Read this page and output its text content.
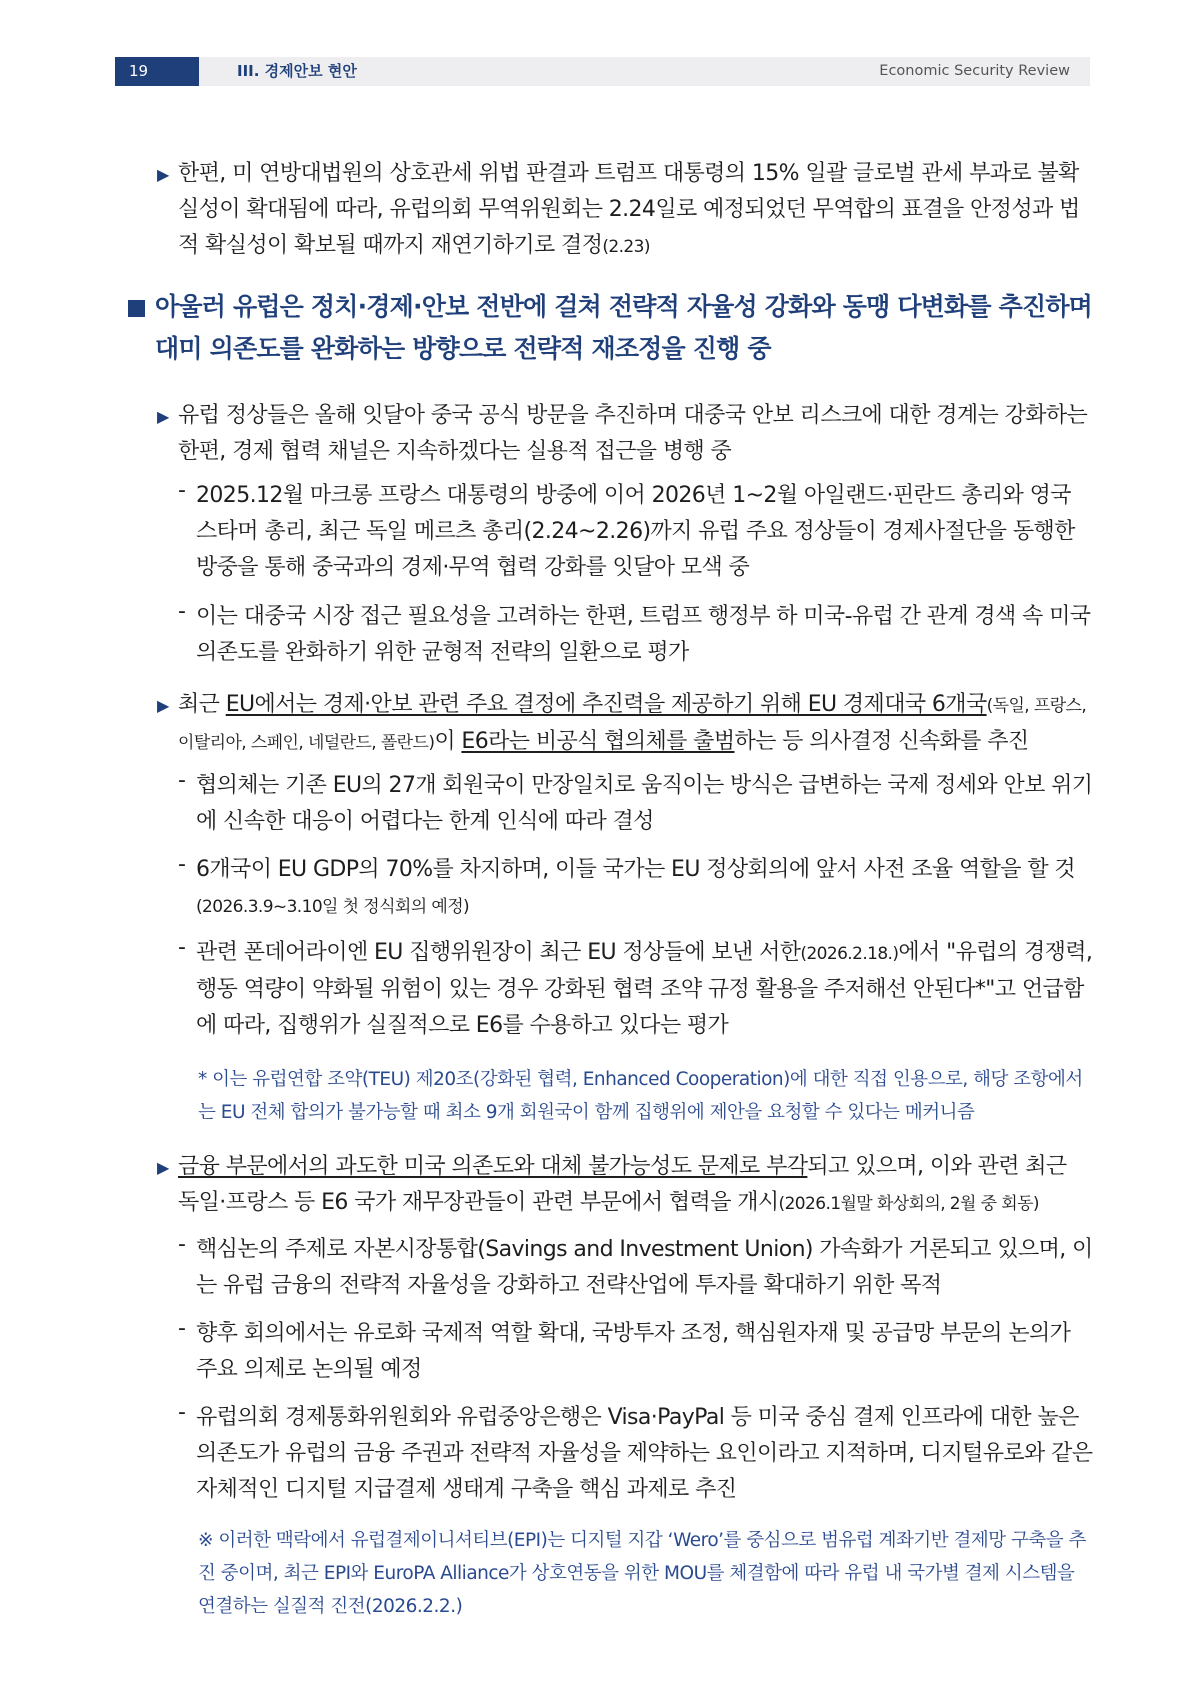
19	III. 경제안보 현안	Economic Security Review
▶ 한편, 미 연방대법원의 상호관세 위법 판결과 트럼프 대통령의 15% 일괄 글로벌 관세 부과로 불확실성이 확대됨에 따라, 유럽의회 무역위원회는 2.24일로 예정되었던 무역합의 표결을 안정성과 법적 확실성이 확보될 때까지 재연기하기로 결정(2.23)

아울러 유럽은 정치·경제·안보 전반에 걸쳐 전략적 자율성 강화와 동맹 다변화를 추진하며 대미 의존도를 완화하는 방향으로 전략적 재조정을 진행 중

▶ 유럽 정상들은 올해 잇달아 중국 공식 방문을 추진하며 대중국 안보 리스크에 대한 경계는 강화하는 한편, 경제 협력 채널은 지속하겠다는 실용적 접근을 병행 중

- 2025.12월 마크롱 프랑스 대통령의 방중에 이어 2026년 1~2월 아일랜드·핀란드 총리와 영국 스타머 총리, 최근 독일 메르츠 총리(2.24~2.26)까지 유럽 주요 정상들이 경제사절단을 동행한 방중을 통해 중국과의 경제·무역 협력 강화를 잇달아 모색 중

- 이는 대중국 시장 접근 필요성을 고려하는 한편, 트럼프 행정부 하 미국-유럽 간 관계 경색 속 미국 의존도를 완화하기 위한 균형적 전략의 일환으로 평가

▶ 최근 EU에서는 경제·안보 관련 주요 결정에 추진력을 제공하기 위해 EU 경제대국 6개국(독일, 프랑스, 이탈리아, 스페인, 네덜란드, 폴란드)이 E6라는 비공식 협의체를 출범하는 등 의사결정 신속화를 추진

- 협의체는 기존 EU의 27개 회원국이 만장일치로 움직이는 방식은 급변하는 국제 정세와 안보 위기에 신속한 대응이 어렵다는 한계 인식에 따라 결성

- 6개국이 EU GDP의 70%를 차지하며, 이들 국가는 EU 정상회의에 앞서 사전 조율 역할을 할 것
(2026.3.9~3.10일 첫 정식회의 예정)

- 관련 폰데어라이엔 EU 집행위원장이 최근 EU 정상들에 보낸 서한(2026.2.18.)에서 "유럽의 경쟁력, 행동 역량이 약화될 위험이 있는 경우 강화된 협력 조약 규정 활용을 주저해선 안된다*"고 언급함에 따라, 집행위가 실질적으로 E6를 수용하고 있다는 평가

* 이는 유럽연합 조약(TEU) 제20조(강화된 협력, Enhanced Cooperation)에 대한 직접 인용으로, 해당 조항에서는 EU 전체 합의가 불가능할 때 최소 9개 회원국이 함께 집행위에 제안을 요청할 수 있다는 메커니즘

▶ 금융 부문에서의 과도한 미국 의존도와 대체 불가능성도 문제로 부각되고 있으며, 이와 관련 최근 독일·프랑스 등 E6 국가 재무장관들이 관련 부문에서 협력을 개시(2026.1월말 화상회의, 2월 중 회동)

- 핵심논의 주제로 자본시장통합(Savings and Investment Union) 가속화가 거론되고 있으며, 이는 유럽 금융의 전략적 자율성을 강화하고 전략산업에 투자를 확대하기 위한 목적

- 향후 회의에서는 유로화 국제적 역할 확대, 국방투자 조정, 핵심원자재 및 공급망 부문의 논의가 주요 의제로 논의될 예정

- 유럽의회 경제통화위원회와 유럽중앙은행은 Visa·PayPal 등 미국 중심 결제 인프라에 대한 높은 의존도가 유럽의 금융 주권과 전략적 자율성을 제약하는 요인이라고 지적하며, 디지털유로와 같은 자체적인 디지털 지급결제 생태계 구축을 핵심 과제로 추진

※ 이러한 맥락에서 유럽결제이니셔티브(EPI)는 디지털 지갑 ‘Wero’를 중심으로 범유럽 계좌기반 결제망 구축을 추진 중이며, 최근 EPI와 EuroPA Alliance가 상호연동을 위한 MOU를 체결함에 따라 유럽 내 국가별 결제 시스템을 연결하는 실질적 진전(2026.2.2.)
